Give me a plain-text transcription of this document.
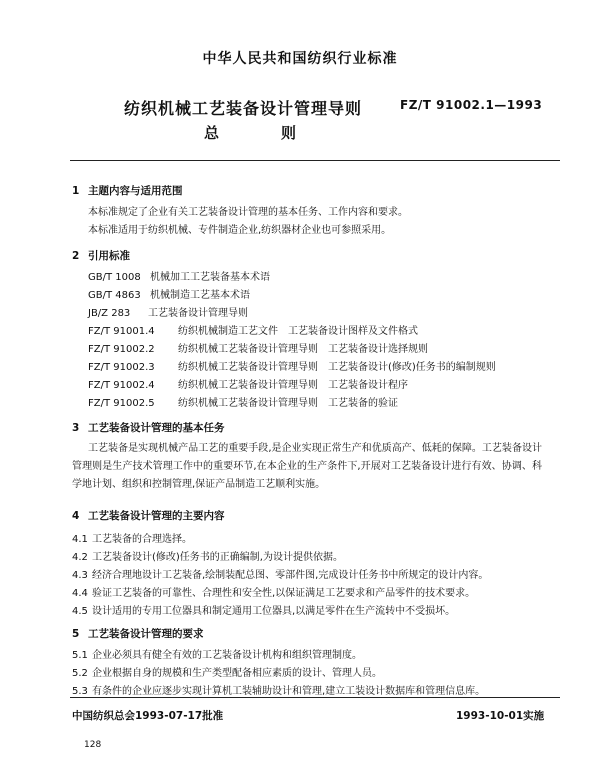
中华人民共和国纺织行业标准
纺织机械工艺装备设计管理导则	FZ/T 91002.1—1993
总则
1 主题内容与适用范围
本标准规定了企业有关工艺装备设计管理的基本任务、工作内容和要求。
本标准适用于纺织机械、专件制造企业,纺织器材企业也可参照采用。
2 引用标准
GB/T 1008 机械加工工艺装备基本术语
GB/T 4863 机械制造工艺基本术语
JB/Z 283 工艺装备设计管理导则
FZ/T 91001.4 纺织机械制造工艺文件　工艺装备设计图样及文件格式
FZ/T 91002.2 纺织机械工艺装备设计管理导则　工艺装备设计选择规则
FZ/T 91002.3 纺织机械工艺装备设计管理导则　工艺装备设计(修改)任务书的编制规则
FZ/T 91002.4 纺织机械工艺装备设计管理导则　工艺装备设计程序
FZ/T 91002.5 纺织机械工艺装备设计管理导则　工艺装备的验证
3 工艺装备设计管理的基本任务
工艺装备是实现机械产品工艺的重要手段,是企业实现正常生产和优质高产、低耗的保障。工艺装备设计管理则是生产技术管理工作中的重要环节,在本企业的生产条件下,开展对工艺装备设计进行有效、协调、科学地计划、组织和控制管理,保证产品制造工艺顺利实施。
4 工艺装备设计管理的主要内容
4.1 工艺装备的合理选择。
4.2 工艺装备设计(修改)任务书的正确编制,为设计提供依据。
4.3 经济合理地设计工艺装备,绘制装配总图、零部件图,完成设计任务书中所规定的设计内容。
4.4 验证工艺装备的可靠性、合理性和安全性,以保证满足工艺要求和产品零件的技术要求。
4.5 设计适用的专用工位器具和制定通用工位器具,以满足零件在生产流转中不受损坏。
5 工艺装备设计管理的要求
5.1 企业必须具有健全有效的工艺装备设计机构和组织管理制度。
5.2 企业根据自身的规模和生产类型配备相应素质的设计、管理人员。
5.3 有条件的企业应逐步实现计算机工装辅助设计和管理,建立工装设计数据库和管理信息库。
中国纺织总会1993-07-17批准	1993-10-01实施
128
